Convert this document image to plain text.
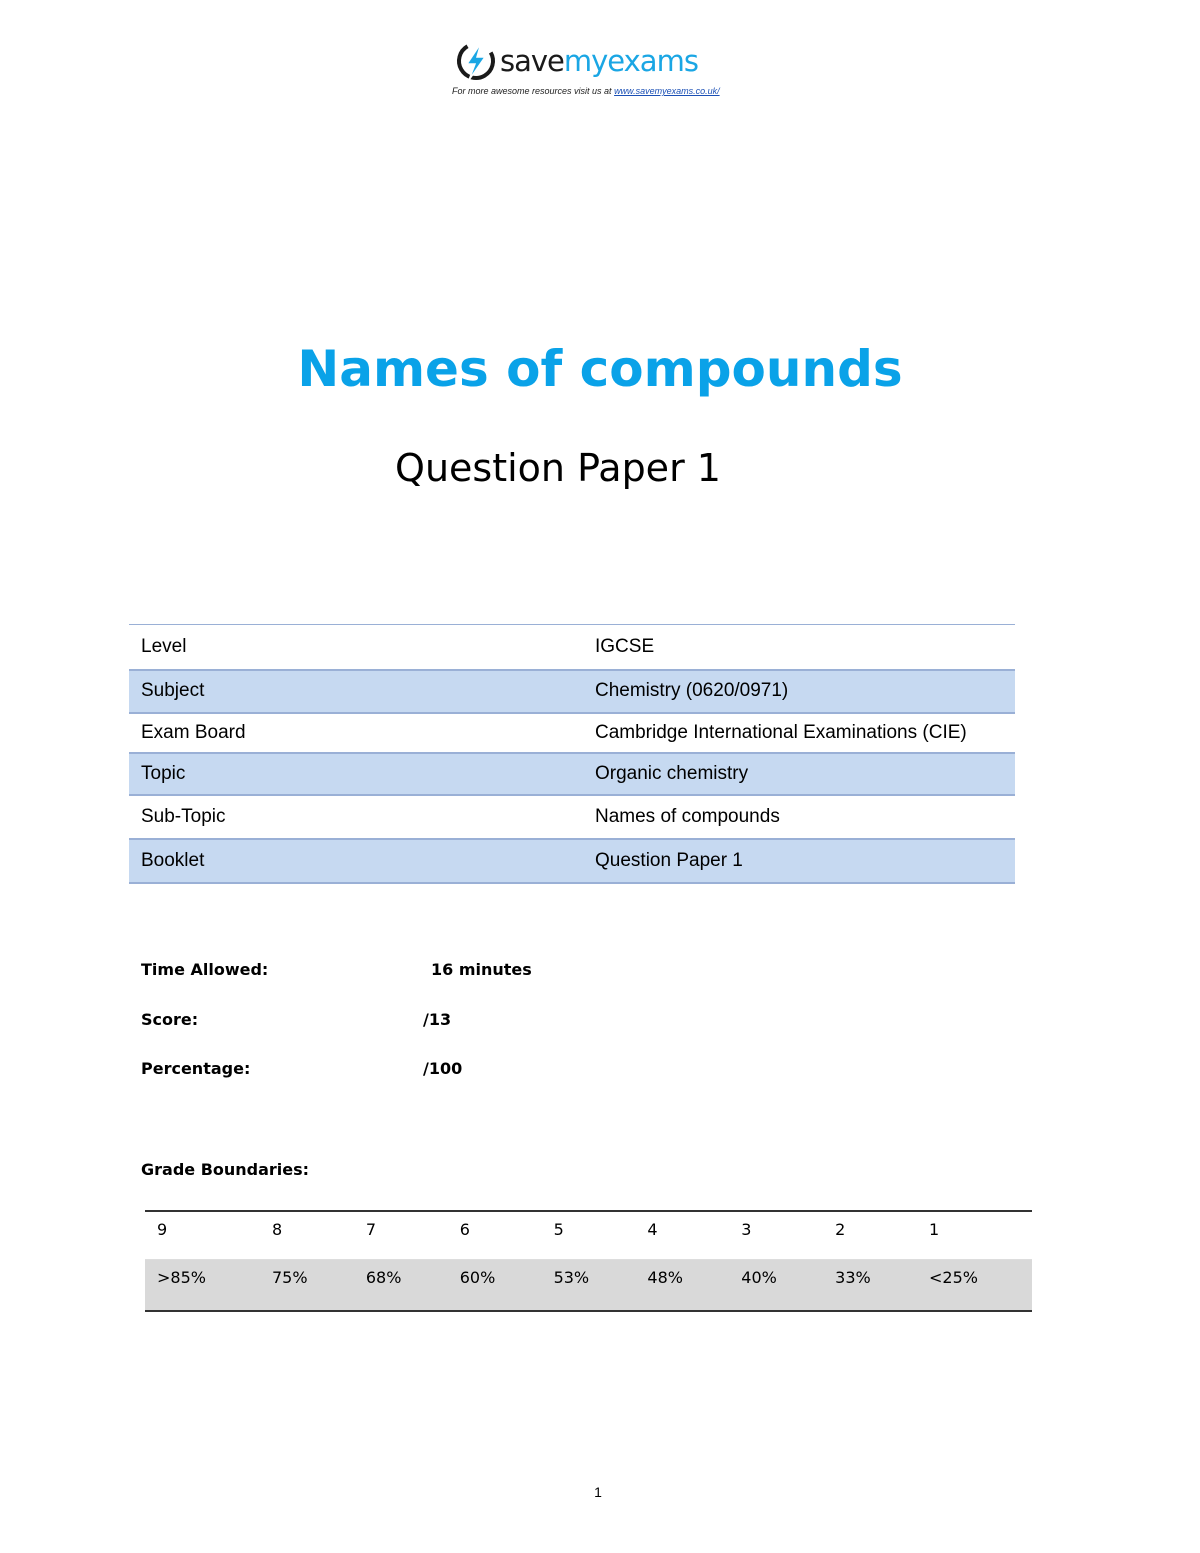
savemyexams
For more awesome resources visit us at www.savemyexams.co.uk/
Names of compounds
Question Paper 1
Level	IGCSE
Subject	Chemistry (0620/0971)
Exam Board	Cambridge International Examinations (CIE)
Topic	Organic chemistry
Sub-Topic	Names of compounds
Booklet	Question Paper 1
Time Allowed:	16 minutes
Score:	/13
Percentage:	/100
Grade Boundaries:
9	8	7	6	5	4	3	2	1
>85%	75%	68%	60%	53%	48%	40%	33%	<25%
1
